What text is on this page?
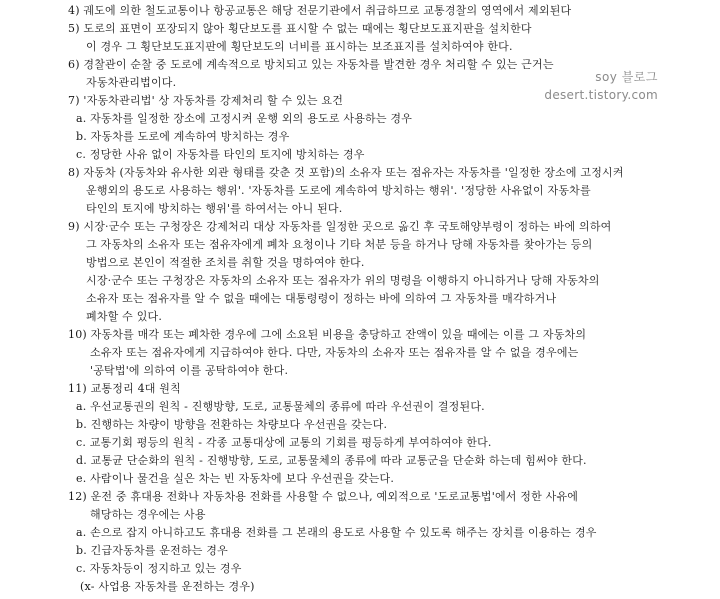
soy 블로그
desert.tistory.com
4) 궤도에 의한 철도교통이나 항공교통은 해당 전문기관에서 취급하므로 교통경찰의 영역에서 제외된다
5) 도로의 표면이 포장되지 않아 횡단보도를 표시할 수 없는 때에는 횡단보도표지판을 설치한다
이 경우 그 횡단보도표지판에 횡단보도의 너비를 표시하는 보조표지를 설치하여야 한다.
6) 경찰관이 순찰 중 도로에 계속적으로 방치되고 있는 자동차를 발견한 경우 처리할 수 있는 근거는
자동차관리법이다.
7) '자동차관리법' 상 자동차를 강제처리 할 수 있는 요건
a. 자동차를 일정한 장소에 고정시켜 운행 외의 용도로 사용하는 경우
b. 자동차를 도로에 계속하여 방치하는 경우
c. 정당한 사유 없이 자동차를 타인의 토지에 방치하는 경우
8) 자동차 (자동차와 유사한 외관 형태를 갖춘 것 포함)의 소유자 또는 점유자는 자동차를 '일정한 장소에 고정시켜
운행외의 용도로 사용하는 행위'. '자동차를 도로에 계속하여 방치하는 행위'. '정당한 사유없이 자동차를
타인의 토지에 방치하는 행위'를 하여서는 아니 된다.
9) 시장·군수 또는 구청장은 강제처리 대상 자동차를 일정한 곳으로 옮긴 후 국토해양부령이 정하는 바에 의하여
그 자동차의 소유자 또는 점유자에게 폐차 요청이나 기타 처분 등을 하거나 당해 자동차를 찾아가는 등의
방법으로 본인이 적절한 조치를 취할 것을 명하여야 한다.
시장·군수 또는 구청장은 자동차의 소유자 또는 점유자가 위의 명령을 이행하지 아니하거나 당해 자동차의
소유자 또는 점유자를 알 수 없을 때에는 대통령령이 정하는 바에 의하여 그 자동차를 매각하거나
폐차할 수 있다.
10) 자동차를 매각 또는 폐차한 경우에 그에 소요된 비용을 충당하고 잔액이 있을 때에는 이를 그 자동차의
소유자 또는 점유자에게 지급하여야 한다. 다만, 자동차의 소유자 또는 점유자를 알 수 없을 경우에는
'공탁법'에 의하여 이를 공탁하여야 한다.
11) 교통정리 4대 원칙
a. 우선교통권의 원칙 - 진행방향, 도로, 교통물체의 종류에 따라 우선권이 결정된다.
b. 진행하는 차량이 방향을 전환하는 차량보다 우선권을 갖는다.
c. 교통기회 평등의 원칙 - 각종 교통대상에 교통의 기회를 평등하게 부여하여야 한다.
d. 교통균 단순화의 원칙 - 진행방향, 도로, 교통물체의 종류에 따라 교통군을 단순화 하는데 힘써야 한다.
e. 사람이나 물건을 실은 차는 빈 자동차에 보다 우선권을 갖는다.
12) 운전 중 휴대용 전화나 자동차용 전화를 사용할 수 없으나, 예외적으로 '도로교통법'에서 정한 사유에
해당하는 경우에는 사용
a. 손으로 잡지 아니하고도 휴대용 전화를 그 본래의 용도로 사용할 수 있도록 해주는 장치를 이용하는 경우
b. 긴급자동차를 운전하는 경우
c. 자동차등이 정지하고 있는 경우
(x- 사업용 자동차를 운전하는 경우)
